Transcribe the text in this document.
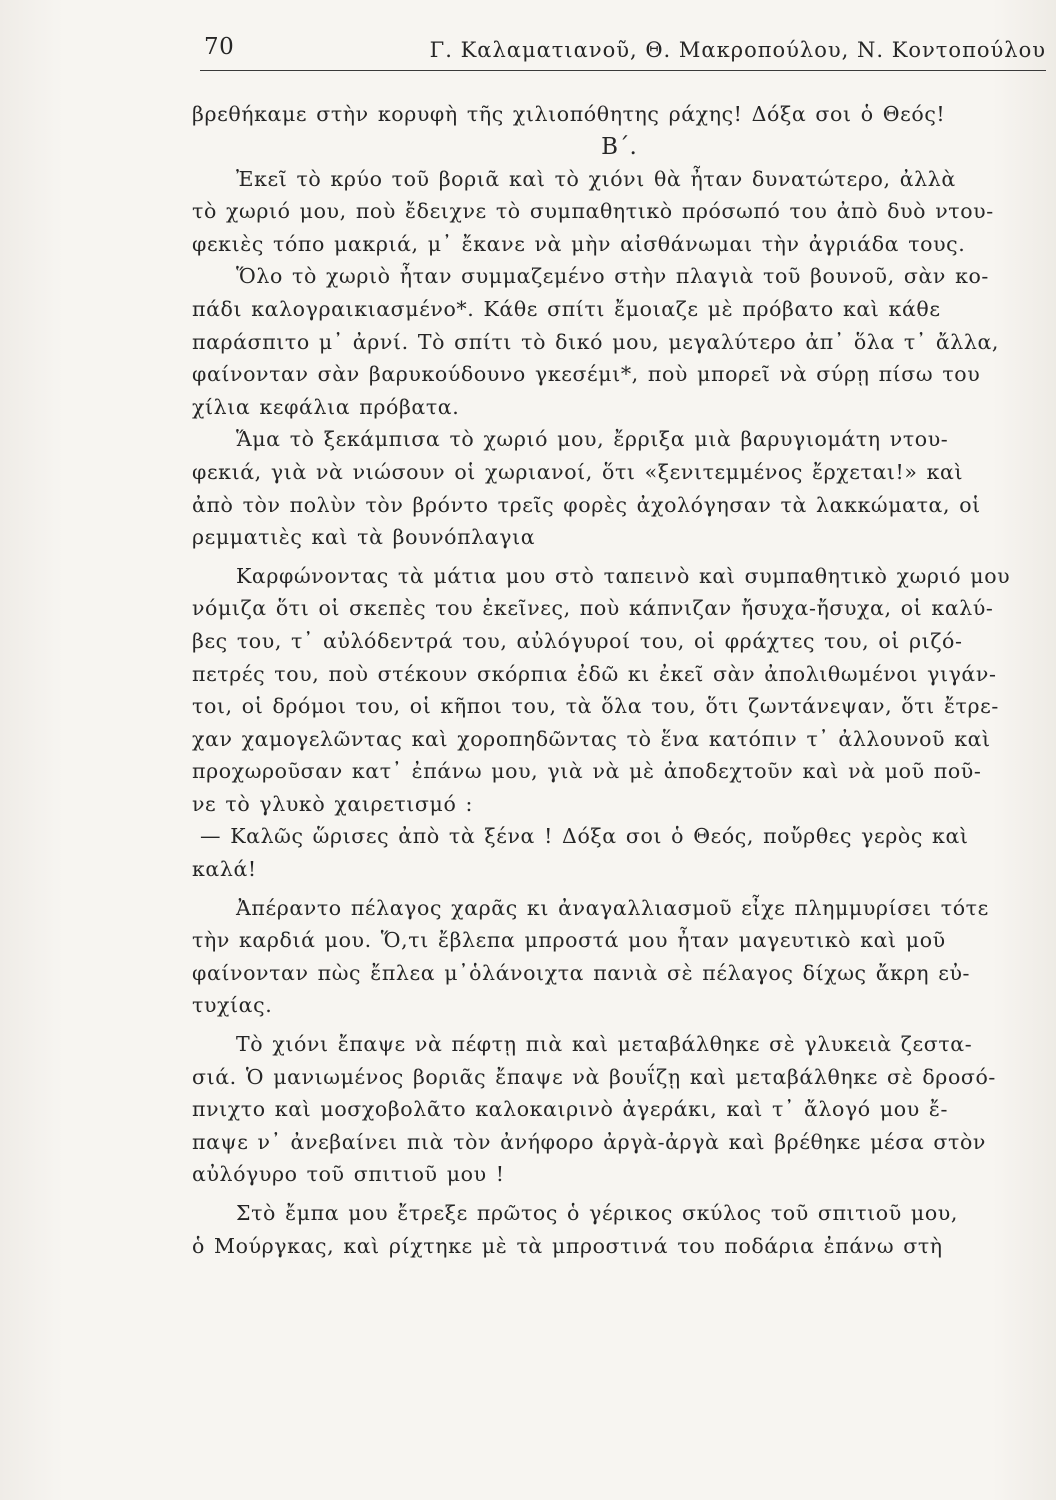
70	Γ. Καλαματιανοῦ, Θ. Μακροπούλου, Ν. Κοντοπούλου
βρεθήκαμε στὴν κορυφὴ τῆς χιλιοπόθητης ράχης! Δόξα σοι ὁ Θεός!
Β΄.
Ἐκεῖ τὸ κρύο τοῦ βοριᾶ καὶ τὸ χιόνι θὰ ἦταν δυνατώτερο, ἀλλὰ
τὸ χωριό μου, ποὺ ἔδειχνε τὸ συμπαθητικὸ πρόσωπό του ἀπὸ δυὸ ντου-
φεκιὲς τόπο μακριά, μ᾿ ἔκανε νὰ μὴν αἰσθάνωμαι τὴν ἀγριάδα τους.
Ὅλο τὸ χωριὸ ἦταν συμμαζεμένο στὴν πλαγιὰ τοῦ βουνοῦ, σὰν κο-
πάδι καλογραικιασμένο*. Κάθε σπίτι ἔμοιαζε μὲ πρόβατο καὶ κάθε
παράσπιτο μ᾿ ἀρνί. Τὸ σπίτι τὸ δικό μου, μεγαλύτερο ἀπ᾿ ὅλα τ᾿ ἄλλα,
φαίνονταν σὰν βαρυκούδουνο γκεσέμι*, ποὺ μπορεῖ νὰ σύρῃ πίσω του
χίλια κεφάλια πρόβατα.
Ἅμα τὸ ξεκάμπισα τὸ χωριό μου, ἔρριξα μιὰ βαρυγιομάτη ντου-
φεκιά, γιὰ νὰ νιώσουν οἱ χωριανοί, ὅτι «ξενιτεμμένος ἔρχεται!» καὶ
ἀπὸ τὸν πολὺν τὸν βρόντο τρεῖς φορὲς ἀχολόγησαν τὰ λακκώματα, οἱ
ρεμματιὲς καὶ τὰ βουνόπλαγια
Καρφώνοντας τὰ μάτια μου στὸ ταπεινὸ καὶ συμπαθητικὸ χωριό μου
νόμιζα ὅτι οἱ σκεπὲς του ἐκεῖνες, ποὺ κάπνιζαν ἤσυχα-ἤσυχα, οἱ καλύ-
βες του, τ᾿ αὐλόδεντρά του, αὐλόγυροί του, οἱ φράχτες του, οἱ ριζό-
πετρές του, ποὺ στέκουν σκόρπια ἐδῶ κι ἐκεῖ σὰν ἀπολιθωμένοι γιγάν-
τοι, οἱ δρόμοι του, οἱ κῆποι του, τὰ ὅλα του, ὅτι ζωντάνεψαν, ὅτι ἔτρε-
χαν χαμογελῶντας καὶ χοροπηδῶντας τὸ ἕνα κατόπιν τ᾿ ἀλλουνοῦ καὶ
προχωροῦσαν κατ᾿ ἐπάνω μου, γιὰ νὰ μὲ ἀποδεχτοῦν καὶ νὰ μοῦ ποῦ-
νε τὸ γλυκὸ χαιρετισμό :
— Καλῶς ὥρισες ἀπὸ τὰ ξένα ! Δόξα σοι ὁ Θεός, ποὔρθες γερὸς καὶ
καλά!
Ἀπέραντο πέλαγος χαρᾶς κι ἀναγαλλιασμοῦ εἶχε πλημμυρίσει τότε
τὴν καρδιά μου. Ὅ,τι ἔβλεπα μπροστά μου ἦταν μαγευτικὸ καὶ μοῦ
φαίνονταν πὼς ἔπλεα μ᾿ὁλάνοιχτα πανιὰ σὲ πέλαγος δίχως ἄκρη εὐ-
τυχίας.
Τὸ χιόνι ἔπαψε νὰ πέφτῃ πιὰ καὶ μεταβάλθηκε σὲ γλυκειὰ ζεστα-
σιά. Ὁ μανιωμένος βοριᾶς ἔπαψε νὰ βουΐζῃ καὶ μεταβάλθηκε σὲ δροσό-
πνιχτο καὶ μοσχοβολᾶτο καλοκαιρινὸ ἀγεράκι, καὶ τ᾿ ἄλογό μου ἔ-
παψε ν᾿ ἀνεβαίνει πιὰ τὸν ἀνήφορο ἀργὰ-ἀργὰ καὶ βρέθηκε μέσα στὸν
αὐλόγυρο τοῦ σπιτιοῦ μου !
Στὸ ἔμπα μου ἔτρεξε πρῶτος ὁ γέρικος σκύλος τοῦ σπιτιοῦ μου,
ὁ Μούργκας, καὶ ρίχτηκε μὲ τὰ μπροστινά του ποδάρια ἐπάνω στὴ
